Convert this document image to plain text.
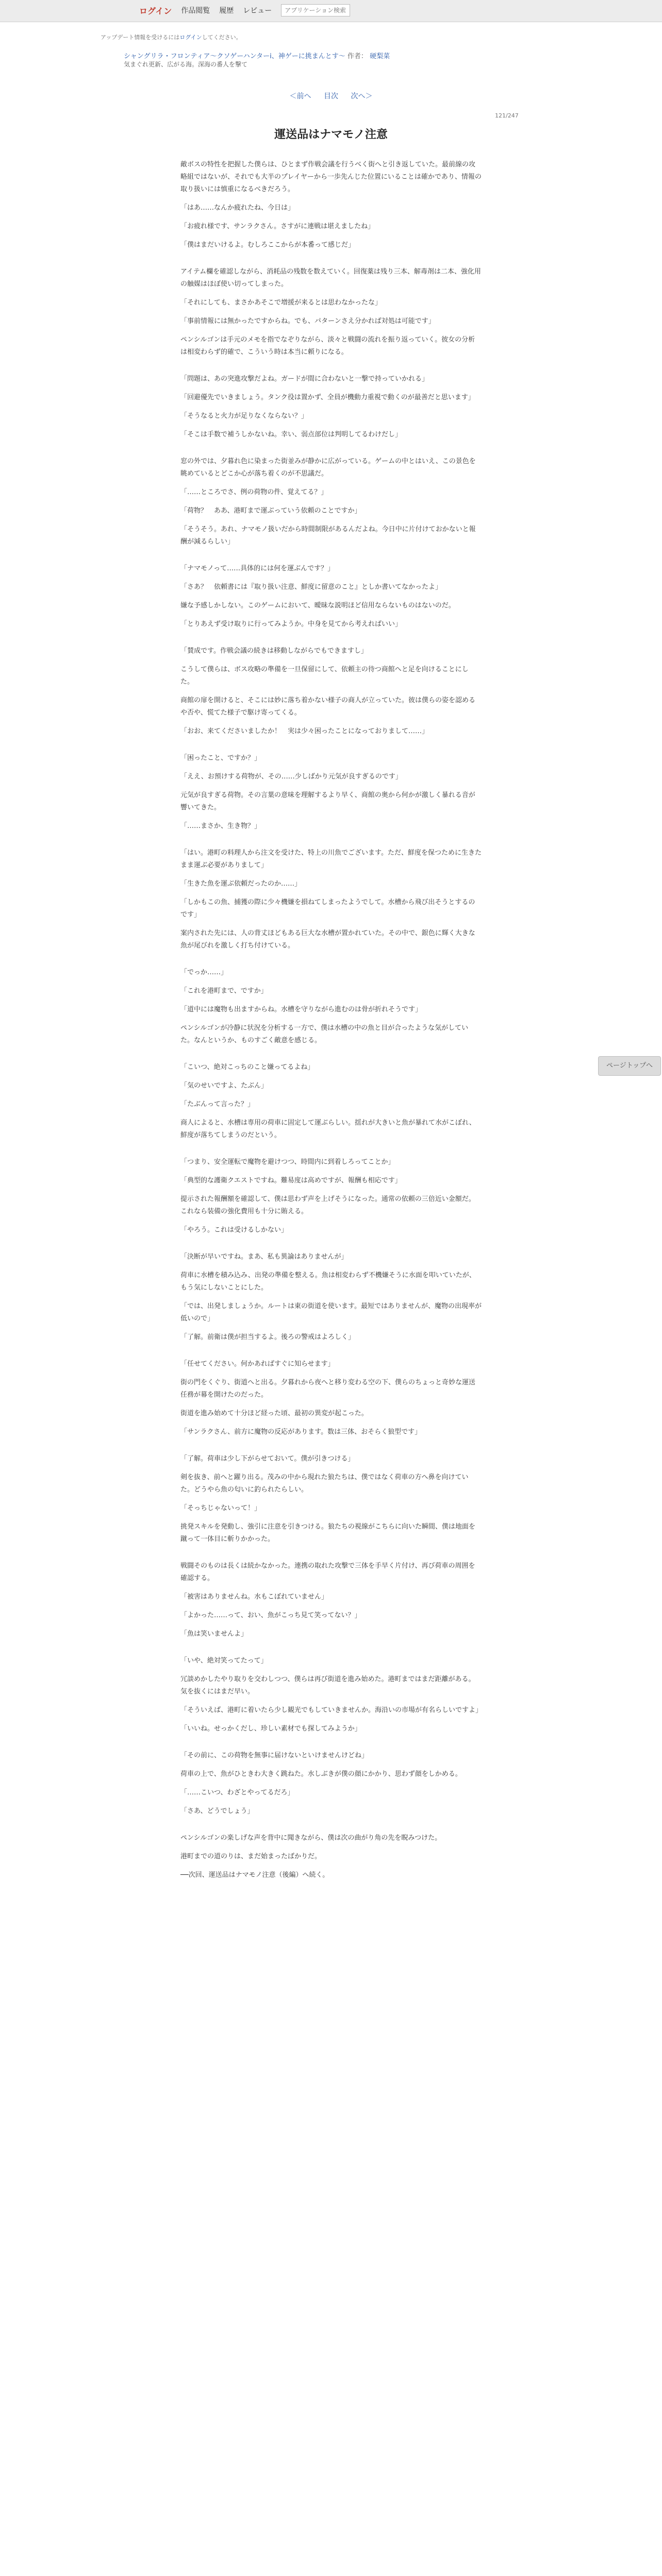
ログイン 作品閲覧 履歴 レビュー
アプリケーション検索
アップデート情報を受けるにはログインしてください。
シャングリラ・フロンティア〜クソゲーハンターi、神ゲーに挑まんとす〜 作者： 硬梨菜
気まぐれ更新、広がる海。深海の番人を撃て
＜前へ 目次 次へ＞
121/247
運送品はナマモノ注意

敵ボスの特性を把握した僕らは、ひとまず作戦会議を行うべく街へと引き返していた。最前線の攻略組ではないが、それでも大半のプレイヤーから一歩先んじた位置にいることは確かであり、情報の取り扱いには慎重になるべきだろう。

「はあ……なんか疲れたね、今日は」

「お疲れ様です、サンラクさん。さすがに連戦は堪えましたね」

「僕はまだいけるよ。むしろここからが本番って感じだ」

アイテム欄を確認しながら、消耗品の残数を数えていく。回復薬は残り三本、解毒剤は二本、強化用の触媒はほぼ使い切ってしまった。

「それにしても、まさかあそこで増援が来るとは思わなかったな」

「事前情報には無かったですからね。でも、パターンさえ分かれば対処は可能です」

ペンシルゴンは手元のメモを指でなぞりながら、淡々と戦闘の流れを振り返っていく。彼女の分析は相変わらず的確で、こういう時は本当に頼りになる。

「問題は、あの突進攻撃だよね。ガードが間に合わないと一撃で持っていかれる」

「回避優先でいきましょう。タンク役は置かず、全員が機動力重視で動くのが最善だと思います」

「そうなると火力が足りなくならない？」

「そこは手数で補うしかないね。幸い、弱点部位は判明してるわけだし」

窓の外では、夕暮れ色に染まった街並みが静かに広がっている。ゲームの中とはいえ、この景色を眺めているとどこか心が落ち着くのが不思議だ。

「……ところでさ、例の荷物の件、覚えてる？」

「荷物？　ああ、港町まで運ぶっていう依頼のことですか」

「そうそう。あれ、ナマモノ扱いだから時間制限があるんだよね。今日中に片付けておかないと報酬が減るらしい」

「ナマモノって……具体的には何を運ぶんです？」

「さあ？　依頼書には『取り扱い注意、鮮度に留意のこと』としか書いてなかったよ」

嫌な予感しかしない。このゲームにおいて、曖昧な説明ほど信用ならないものはないのだ。

「とりあえず受け取りに行ってみようか。中身を見てから考えればいい」

「賛成です。作戦会議の続きは移動しながらでもできますし」

こうして僕らは、ボス攻略の準備を一旦保留にして、依頼主の待つ商館へと足を向けることにした。

商館の扉を開けると、そこには妙に落ち着かない様子の商人が立っていた。彼は僕らの姿を認めるや否や、慌てた様子で駆け寄ってくる。

「おお、来てくださいましたか！　実は少々困ったことになっておりまして……」

「困ったこと、ですか？」

「ええ、お預けする荷物が、その……少しばかり元気が良すぎるのです」

元気が良すぎる荷物。その言葉の意味を理解するより早く、商館の奥から何かが激しく暴れる音が響いてきた。

「……まさか、生き物？」

「はい。港町の料理人から注文を受けた、特上の川魚でございます。ただ、鮮度を保つために生きたまま運ぶ必要がありまして」

「生きた魚を運ぶ依頼だったのか……」

「しかもこの魚、捕獲の際に少々機嫌を損ねてしまったようでして。水槽から飛び出そうとするのです」

案内された先には、人の背丈ほどもある巨大な水槽が置かれていた。その中で、銀色に輝く大きな魚が尾びれを激しく打ち付けている。

「でっか……」

「これを港町まで、ですか」

「道中には魔物も出ますからね。水槽を守りながら進むのは骨が折れそうです」

ペンシルゴンが冷静に状況を分析する一方で、僕は水槽の中の魚と目が合ったような気がしていた。なんというか、ものすごく敵意を感じる。

「こいつ、絶対こっちのこと嫌ってるよね」

「気のせいですよ、たぶん」

「たぶんって言った？」

商人によると、水槽は専用の荷車に固定して運ぶらしい。揺れが大きいと魚が暴れて水がこぼれ、鮮度が落ちてしまうのだという。

「つまり、安全運転で魔物を避けつつ、時間内に到着しろってことか」

「典型的な護衛クエストですね。難易度は高めですが、報酬も相応です」

提示された報酬額を確認して、僕は思わず声を上げそうになった。通常の依頼の三倍近い金額だ。これなら装備の強化費用も十分に賄える。

「やろう。これは受けるしかない」

「決断が早いですね。まあ、私も異論はありませんが」

荷車に水槽を積み込み、出発の準備を整える。魚は相変わらず不機嫌そうに水面を叩いていたが、もう気にしないことにした。

「では、出発しましょうか。ルートは東の街道を使います。最短ではありませんが、魔物の出現率が低いので」

「了解。前衛は僕が担当するよ。後ろの警戒はよろしく」

「任せてください。何かあればすぐに知らせます」

街の門をくぐり、街道へと出る。夕暮れから夜へと移り変わる空の下、僕らのちょっと奇妙な運送任務が幕を開けたのだった。

街道を進み始めて十分ほど経った頃、最初の異変が起こった。

「サンラクさん、前方に魔物の反応があります。数は三体、おそらく狼型です」

「了解。荷車は少し下がらせておいて。僕が引きつける」

剣を抜き、前へと躍り出る。茂みの中から現れた狼たちは、僕ではなく荷車の方へ鼻を向けていた。どうやら魚の匂いに釣られたらしい。

「そっちじゃないって！」

挑発スキルを発動し、強引に注意を引きつける。狼たちの視線がこちらに向いた瞬間、僕は地面を蹴って一体目に斬りかかった。

戦闘そのものは長くは続かなかった。連携の取れた攻撃で三体を手早く片付け、再び荷車の周囲を確認する。

「被害はありませんね。水もこぼれていません」

「よかった……って、おい、魚がこっち見て笑ってない？」

「魚は笑いませんよ」

「いや、絶対笑ってたって」

冗談めかしたやり取りを交わしつつ、僕らは再び街道を進み始めた。港町まではまだ距離がある。気を抜くにはまだ早い。

「そういえば、港町に着いたら少し観光でもしていきませんか。海沿いの市場が有名らしいですよ」

「いいね。せっかくだし、珍しい素材でも探してみようか」

「その前に、この荷物を無事に届けないといけませんけどね」

荷車の上で、魚がひときわ大きく跳ねた。水しぶきが僕の顔にかかり、思わず顔をしかめる。

「……こいつ、わざとやってるだろ」

「さあ、どうでしょう」

ペンシルゴンの楽しげな声を背中に聞きながら、僕は次の曲がり角の先を睨みつけた。

港町までの道のりは、まだ始まったばかりだ。

──次回、運送品はナマモノ注意（後編）へ続く。

ページトップへ
